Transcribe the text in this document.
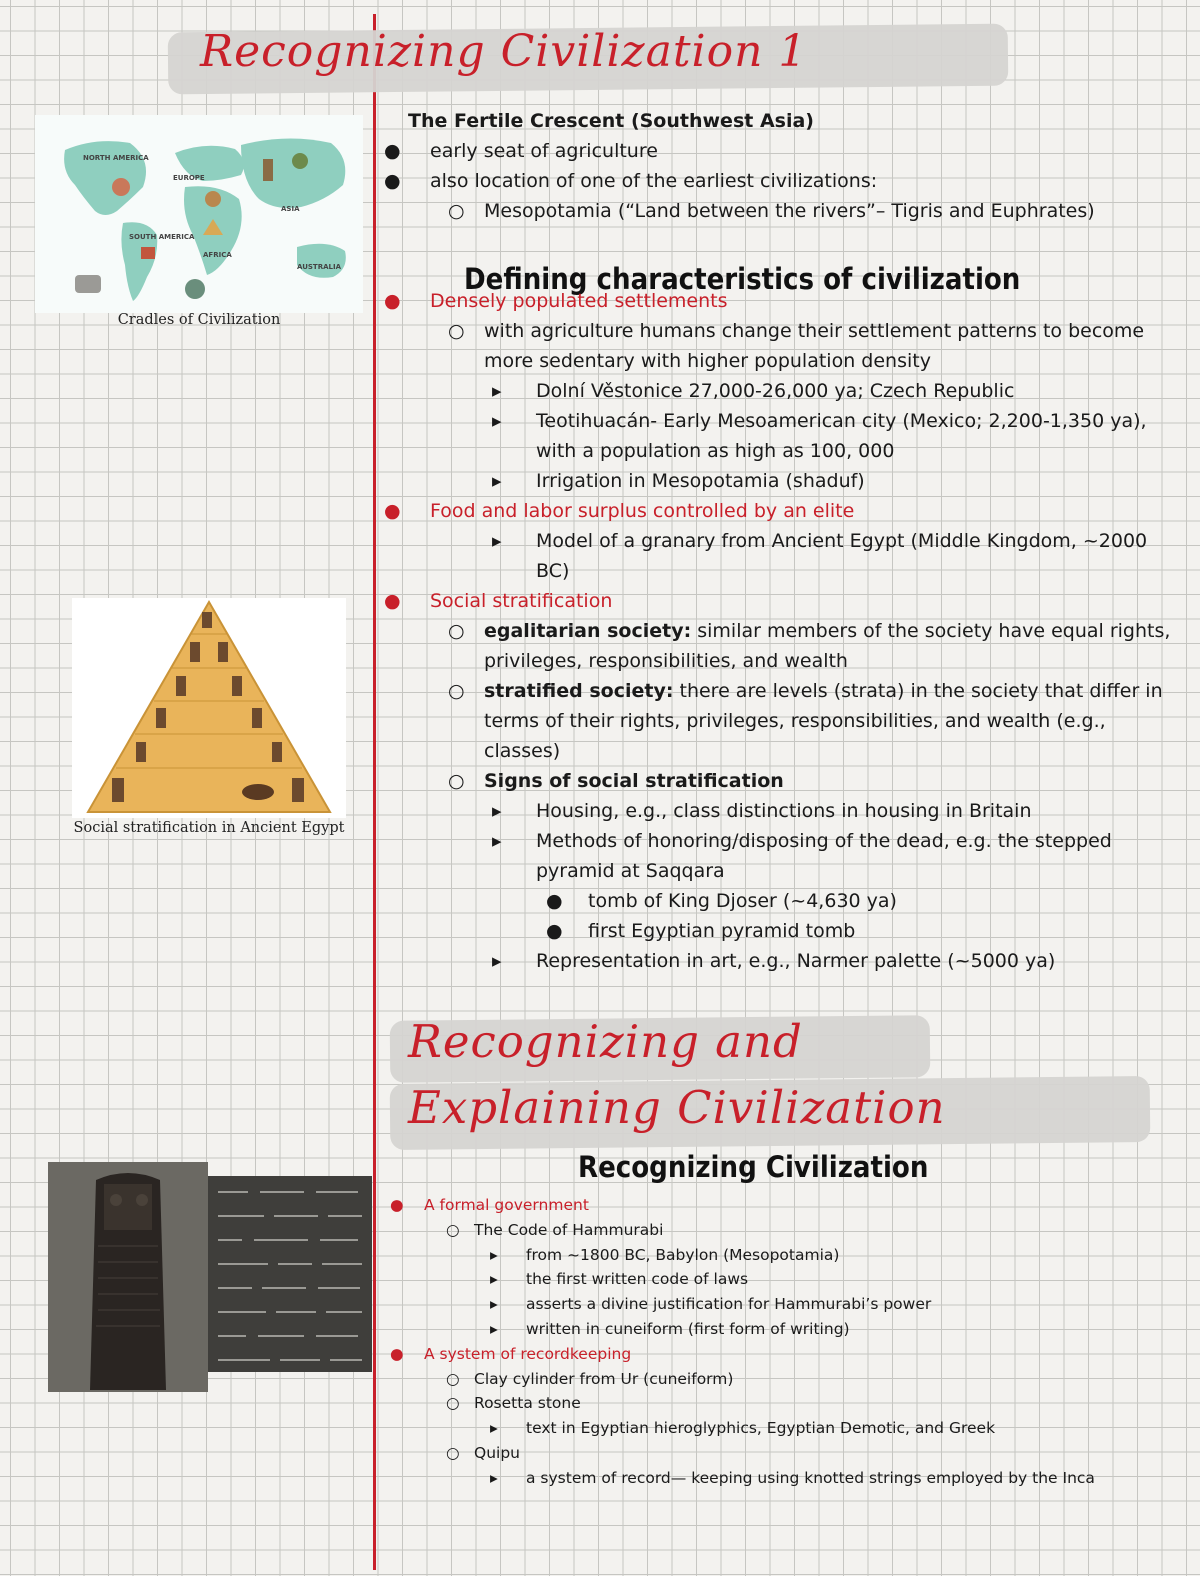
Recognizing Civilization 1
NORTH AMERICA
EUROPE
ASIA
SOUTH AMERICA
AFRICA
AUSTRALIA
Cradles of Civilization
Social stratification in Ancient Egypt
Defining characteristics of civilization
The Fertile Crescent (Southwest Asia)
● early seat of agriculture
● also location of one of the earliest civilizations:
○ Mesopotamia (“Land between the rivers”– Tigris and Euphrates)
● Densely populated settlements
○ with agriculture humans change their settlement patterns to become more sedentary with higher population density
▸ Dolní Věstonice 27,000-26,000 ya; Czech Republic
▸ Teotihuacán- Early Mesoamerican city (Mexico; 2,200-1,350 ya), with a population as high as 100, 000
▸ Irrigation in Mesopotamia (shaduf)
● Food and labor surplus controlled by an elite
▸ Model of a granary from Ancient Egypt (Middle Kingdom, ~2000 BC)
● Social stratification
○ egalitarian society: similar members of the society have equal rights, privileges, responsibilities, and wealth
○ stratified society: there are levels (strata) in the society that differ in terms of their rights, privileges, responsibilities, and wealth (e.g., classes)
○ Signs of social stratification
▸ Housing, e.g., class distinctions in housing in Britain
▸ Methods of honoring/disposing of the dead, e.g. the stepped pyramid at Saqqara
● tomb of King Djoser (~4,630 ya)
● first Egyptian pyramid tomb
▸ Representation in art, e.g., Narmer palette (~5000 ya)
Recognizing and
Explaining Civilization
Recognizing Civilization
● A formal government
○ The Code of Hammurabi
▸ from ~1800 BC, Babylon (Mesopotamia)
▸ the first written code of laws
▸ asserts a divine justification for Hammurabi’s power
▸ written in cuneiform (first form of writing)
● A system of recordkeeping
○ Clay cylinder from Ur (cuneiform)
○ Rosetta stone
▸ text in Egyptian hieroglyphics, Egyptian Demotic, and Greek
○ Quipu
▸ a system of record— keeping using knotted strings employed by the Inca
